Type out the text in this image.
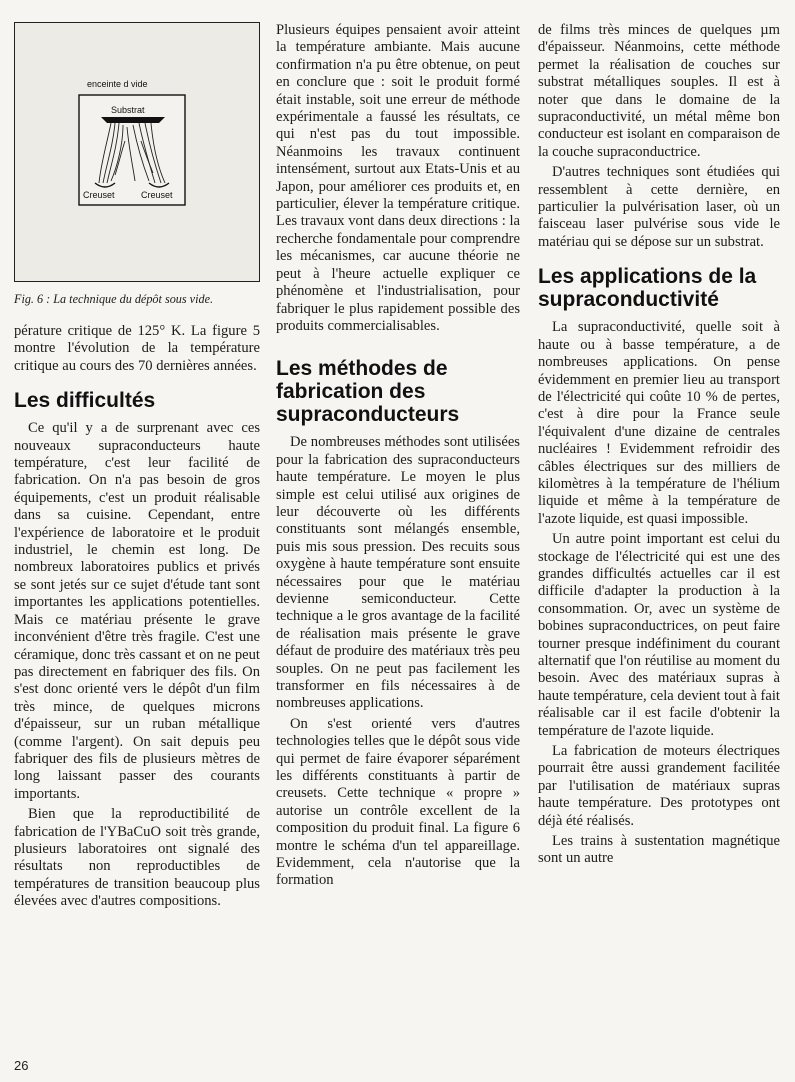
enceinte d vide
Substrat
Creuset	Creuset
Fig. 6 : La technique du dépôt sous vide.

pérature critique de 125° K. La figure 5 montre l'évolution de la température critique au cours des 70 dernières années.

Les difficultés

Ce qu'il y a de surprenant avec ces nouveaux supraconducteurs haute température, c'est leur facilité de fabrication. On n'a pas besoin de gros équipements, c'est un produit réalisable dans sa cuisine. Cependant, entre l'expérience de laboratoire et le produit industriel, le chemin est long. De nombreux laboratoires publics et privés se sont jetés sur ce sujet d'étude tant sont importantes les applications potentielles. Mais ce matériau présente le grave inconvénient d'être très fragile. C'est une céramique, donc très cassant et on ne peut pas directement en fabriquer des fils. On s'est donc orienté vers le dépôt d'un film très mince, de quelques microns d'épaisseur, sur un ruban métallique (comme l'argent). On sait depuis peu fabriquer des fils de plusieurs mètres de long laissant passer des courants importants.

Bien que la reproductibilité de fabrication de l'YBaCuO soit très grande, plusieurs laboratoires ont signalé des résultats non reproductibles de températures de transition beaucoup plus élevées avec d'autres compositions.

Plusieurs équipes pensaient avoir atteint la température ambiante. Mais aucune confirmation n'a pu être obtenue, on peut en conclure que : soit le produit formé était instable, soit une erreur de méthode expérimentale a faussé les résultats, ce qui n'est pas du tout impossible. Néanmoins les travaux continuent intensément, surtout aux Etats-Unis et au Japon, pour améliorer ces produits et, en particulier, élever la température critique. Les travaux vont dans deux directions : la recherche fondamentale pour comprendre les mécanismes, car aucune théorie ne peut à l'heure actuelle expliquer ce phénomène et l'industrialisation, pour fabriquer le plus rapidement possible des produits commercialisables.

Les méthodes de fabrication des supraconducteurs

De nombreuses méthodes sont utilisées pour la fabrication des supraconducteurs haute température. Le moyen le plus simple est celui utilisé aux origines de leur découverte où les différents constituants sont mélangés ensemble, puis mis sous pression. Des recuits sous oxygène à haute température sont ensuite nécessaires pour que le matériau devienne semiconducteur. Cette technique a le gros avantage de la facilité de réalisation mais présente le grave défaut de produire des matériaux très peu souples. On ne peut pas facilement les transformer en fils nécessaires à de nombreuses applications.

On s'est orienté vers d'autres technologies telles que le dépôt sous vide qui permet de faire évaporer séparément les différents constituants à partir de creusets. Cette technique « propre » autorise un contrôle excellent de la composition du produit final. La figure 6 montre le schéma d'un tel appareillage. Evidemment, cela n'autorise que la formation

de films très minces de quelques µm d'épaisseur. Néanmoins, cette méthode permet la réalisation de couches sur substrat métalliques souples. Il est à noter que dans le domaine de la supraconductivité, un métal même bon conducteur est isolant en comparaison de la couche supraconductrice.

D'autres techniques sont étudiées qui ressemblent à cette dernière, en particulier la pulvérisation laser, où un faisceau laser pulvérise sous vide le matériau qui se dépose sur un substrat.

Les applications de la supraconductivité

La supraconductivité, quelle soit à haute ou à basse température, a de nombreuses applications. On pense évidemment en premier lieu au transport de l'électricité qui coûte 10 % de pertes, c'est à dire pour la France seule l'équivalent d'une dizaine de centrales nucléaires ! Evidemment refroidir des câbles électriques sur des milliers de kilomètres à la température de l'hélium liquide et même à la température de l'azote liquide, est quasi impossible.

Un autre point important est celui du stockage de l'électricité qui est une des grandes difficultés actuelles car il est difficile d'adapter la production à la consommation. Or, avec un système de bobines supraconductrices, on peut faire tourner presque indéfiniment du courant alternatif que l'on réutilise au moment du besoin. Avec des matériaux supras à haute température, cela devient tout à fait réalisable car il est facile d'obtenir la température de l'azote liquide.

La fabrication de moteurs électriques pourrait être aussi grandement facilitée par l'utilisation de matériaux supras haute température. Des prototypes ont déjà été réalisés.

Les trains à sustentation magnétique sont un autre

26
